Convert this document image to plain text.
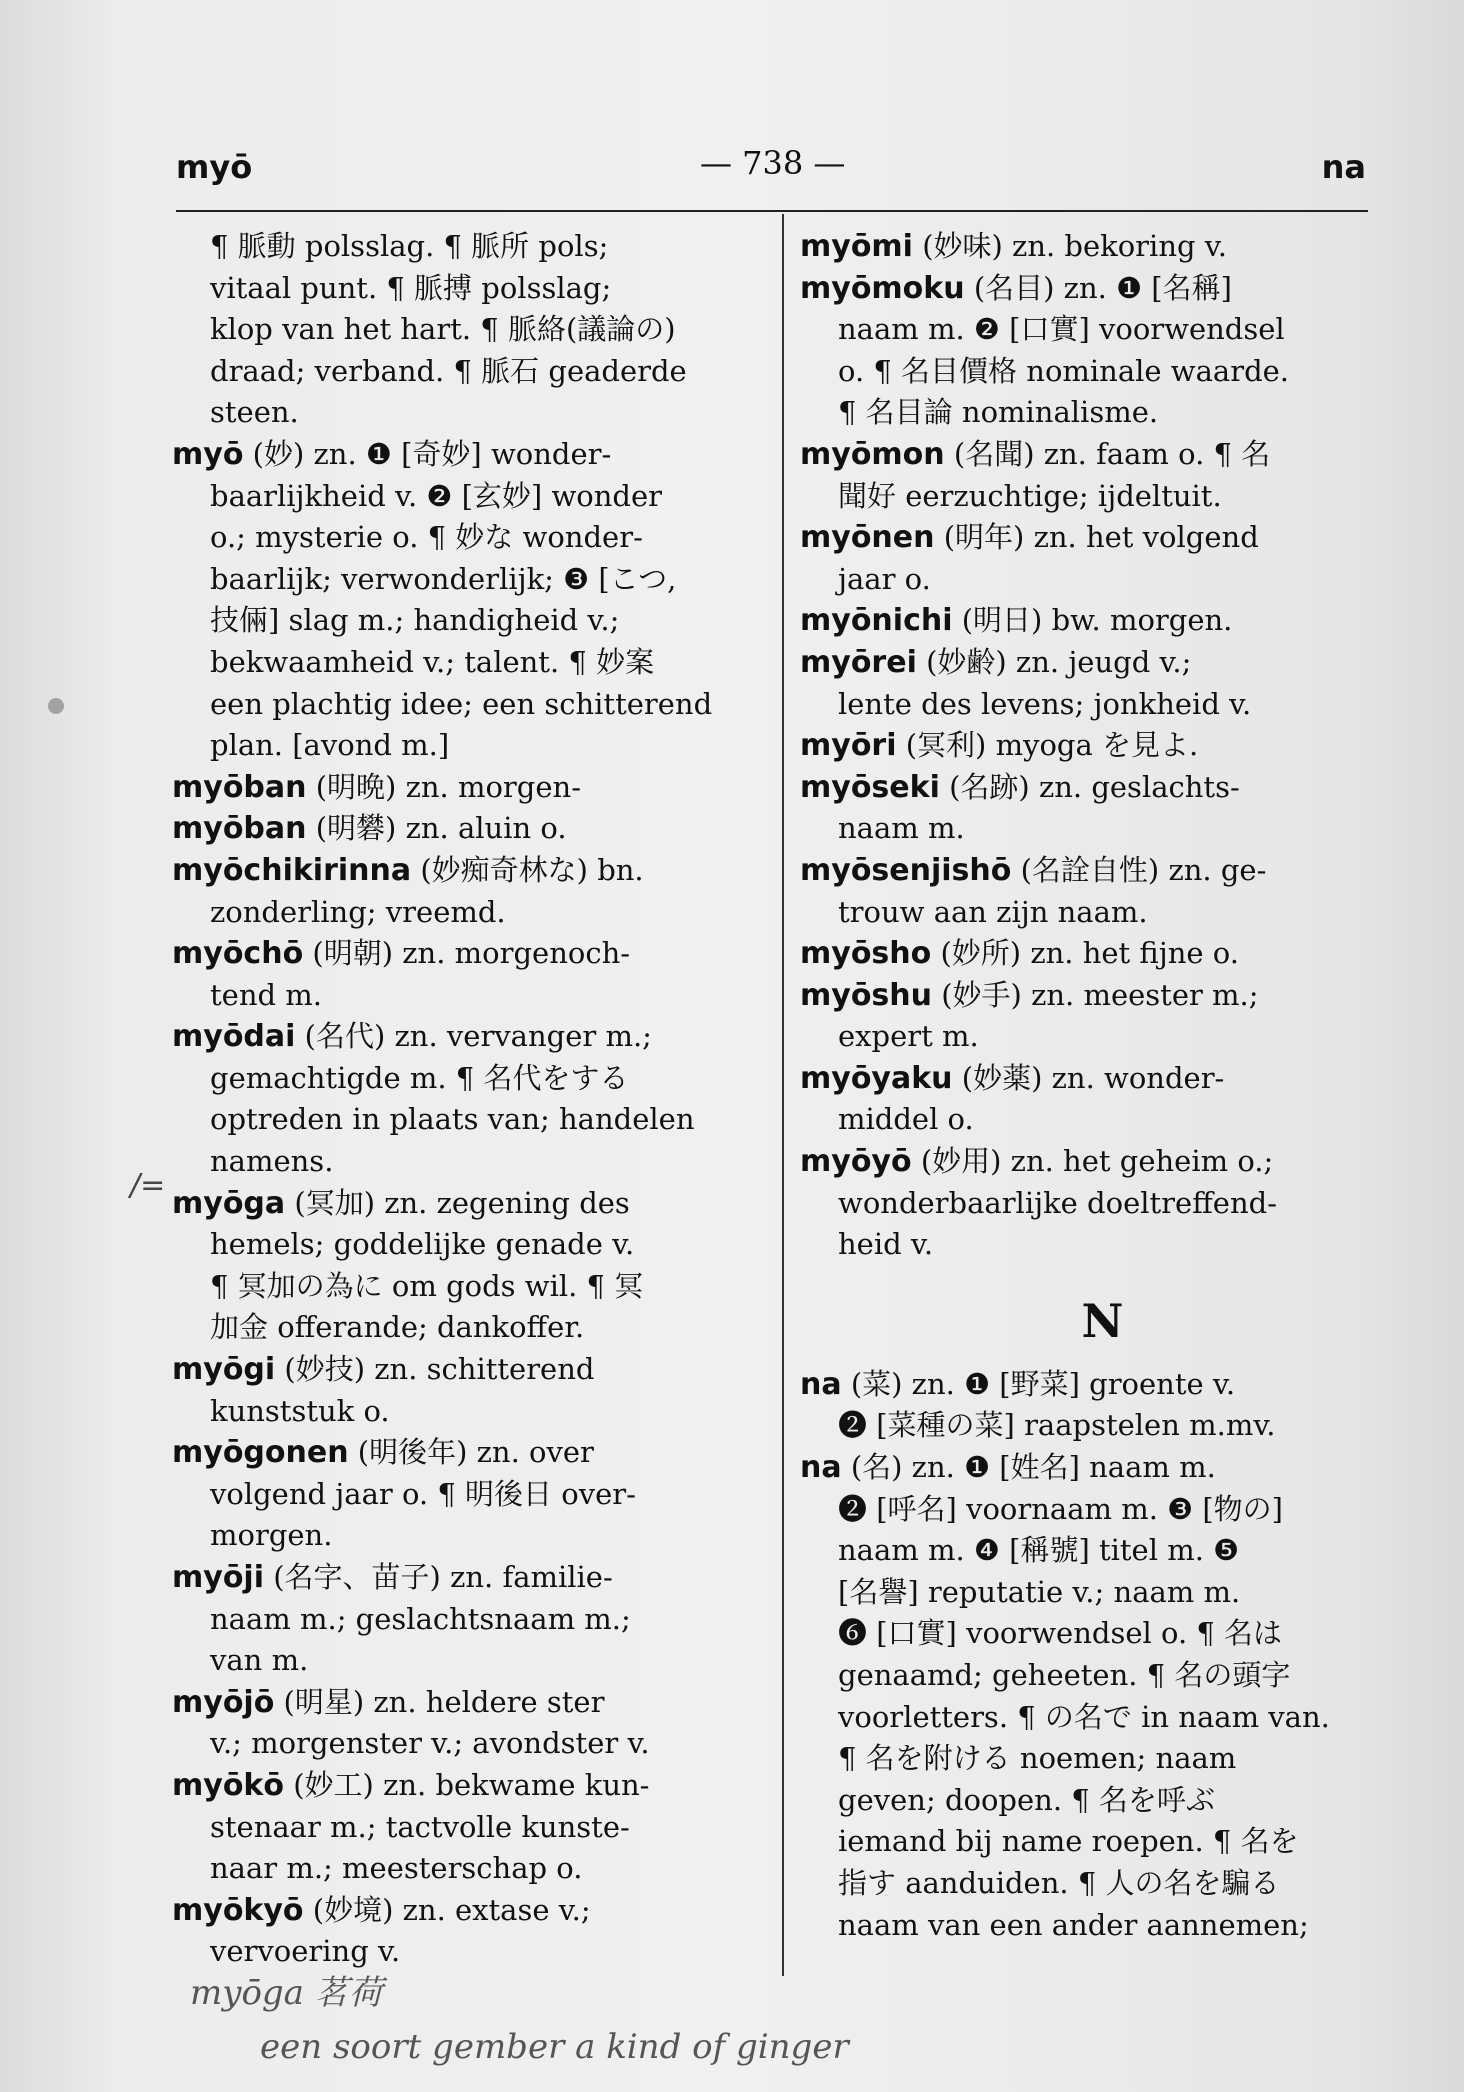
myō	— 738 —	na
¶ 脈動 polsslag. ¶ 脈所 pols;
vitaal punt. ¶ 脈搏 polsslag;
klop van het hart. ¶ 脈絡(議論の)
draad; verband. ¶ 脈石 geaderde
steen.
myō (妙) zn. ❶ [奇妙] wonder-
baarlijkheid v. ❷ [玄妙] wonder
o.; mysterie o. ¶ 妙な wonder-
baarlijk; verwonderlijk; ❸ [こつ,
技倆] slag m.; handigheid v.;
bekwaamheid v.; talent. ¶ 妙案
een plachtig idee; een schitterend
plan. [avond m.]
myōban (明晩) zn. morgen-
myōban (明礬) zn. aluin o.
myōchikirinna (妙痴奇林な) bn.
zonderling; vreemd.
myōchō (明朝) zn. morgenoch-
tend m.
myōdai (名代) zn. vervanger m.;
gemachtigde m. ¶ 名代をする
optreden in plaats van; handelen
namens.
myōga (冥加) zn. zegening des
hemels; goddelijke genade v.
¶ 冥加の為に om gods wil. ¶ 冥
加金 offerande; dankoffer.
myōgi (妙技) zn. schitterend
kunststuk o.
myōgonen (明後年) zn. over
volgend jaar o. ¶ 明後日 over-
morgen.
myōji (名字、苗子) zn. familie-
naam m.; geslachtsnaam m.;
van m.
myōjō (明星) zn. heldere ster
v.; morgenster v.; avondster v.
myōkō (妙工) zn. bekwame kun-
stenaar m.; tactvolle kunste-
naar m.; meesterschap o.
myōkyō (妙境) zn. extase v.;
vervoering v.
myōmi (妙味) zn. bekoring v.
myōmoku (名目) zn. ❶ [名稱]
naam m. ❷ [口實] voorwendsel
o. ¶ 名目價格 nominale waarde.
¶ 名目論 nominalisme.
myōmon (名聞) zn. faam o. ¶ 名
聞好 eerzuchtige; ijdeltuit.
myōnen (明年) zn. het volgend
jaar o.
myōnichi (明日) bw. morgen.
myōrei (妙齢) zn. jeugd v.;
lente des levens; jonkheid v.
myōri (冥利) myoga を見よ.
myōseki (名跡) zn. geslachts-
naam m.
myōsenjishō (名詮自性) zn. ge-
trouw aan zijn naam.
myōsho (妙所) zn. het fijne o.
myōshu (妙手) zn. meester m.;
expert m.
myōyaku (妙薬) zn. wonder-
middel o.
myōyō (妙用) zn. het geheim o.;
wonderbaarlijke doeltreffend-
heid v.
N
na (菜) zn. ❶ [野菜] groente v.
❷ [菜種の菜] raapstelen m.mv.
na (名) zn. ❶ [姓名] naam m.
❷ [呼名] voornaam m. ❸ [物の]
naam m. ❹ [稱號] titel m. ❺
[名譽] reputatie v.; naam m.
❻ [口實] voorwendsel o. ¶ 名は
genaamd; geheeten. ¶ 名の頭字
voorletters. ¶ の名で in naam van.
¶ 名を附ける noemen; naam
geven; doopen. ¶ 名を呼ぶ
iemand bij name roepen. ¶ 名を
指す aanduiden. ¶ 人の名を騙る
naam van een ander aannemen;
/=
myōga 茗荷
een soort gember a kind of ginger
